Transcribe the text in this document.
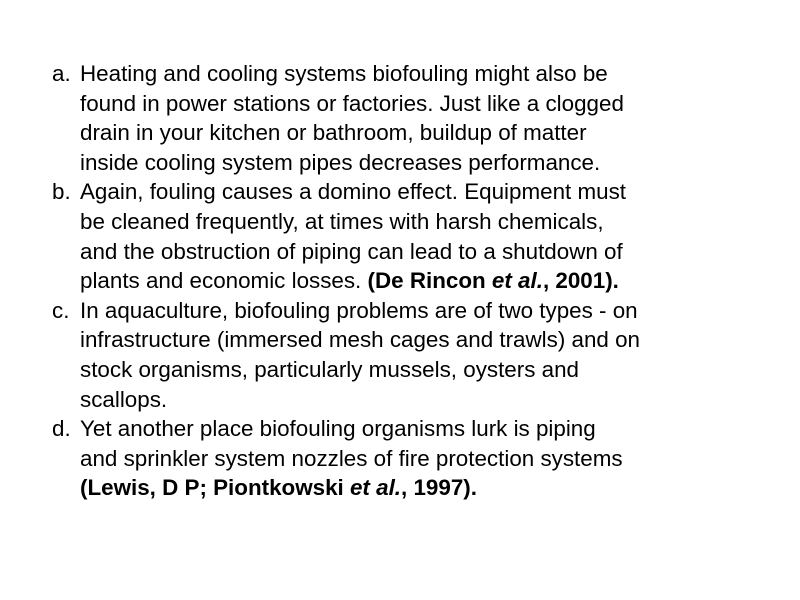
a. Heating and cooling systems biofouling might also be
found in power stations or factories. Just like a clogged
drain in your kitchen or bathroom, buildup of matter
inside cooling system pipes decreases performance.
b. Again, fouling causes a domino effect. Equipment must
be cleaned frequently, at times with harsh chemicals,
and the obstruction of piping can lead to a shutdown of
plants and economic losses. (De Rincon et al., 2001).
c. In aquaculture, biofouling problems are of two types - on
infrastructure (immersed mesh cages and trawls) and on
stock organisms, particularly mussels, oysters and
scallops.
d. Yet another place biofouling organisms lurk is piping
and sprinkler system nozzles of fire protection systems
(Lewis, D P; Piontkowski et al., 1997).
